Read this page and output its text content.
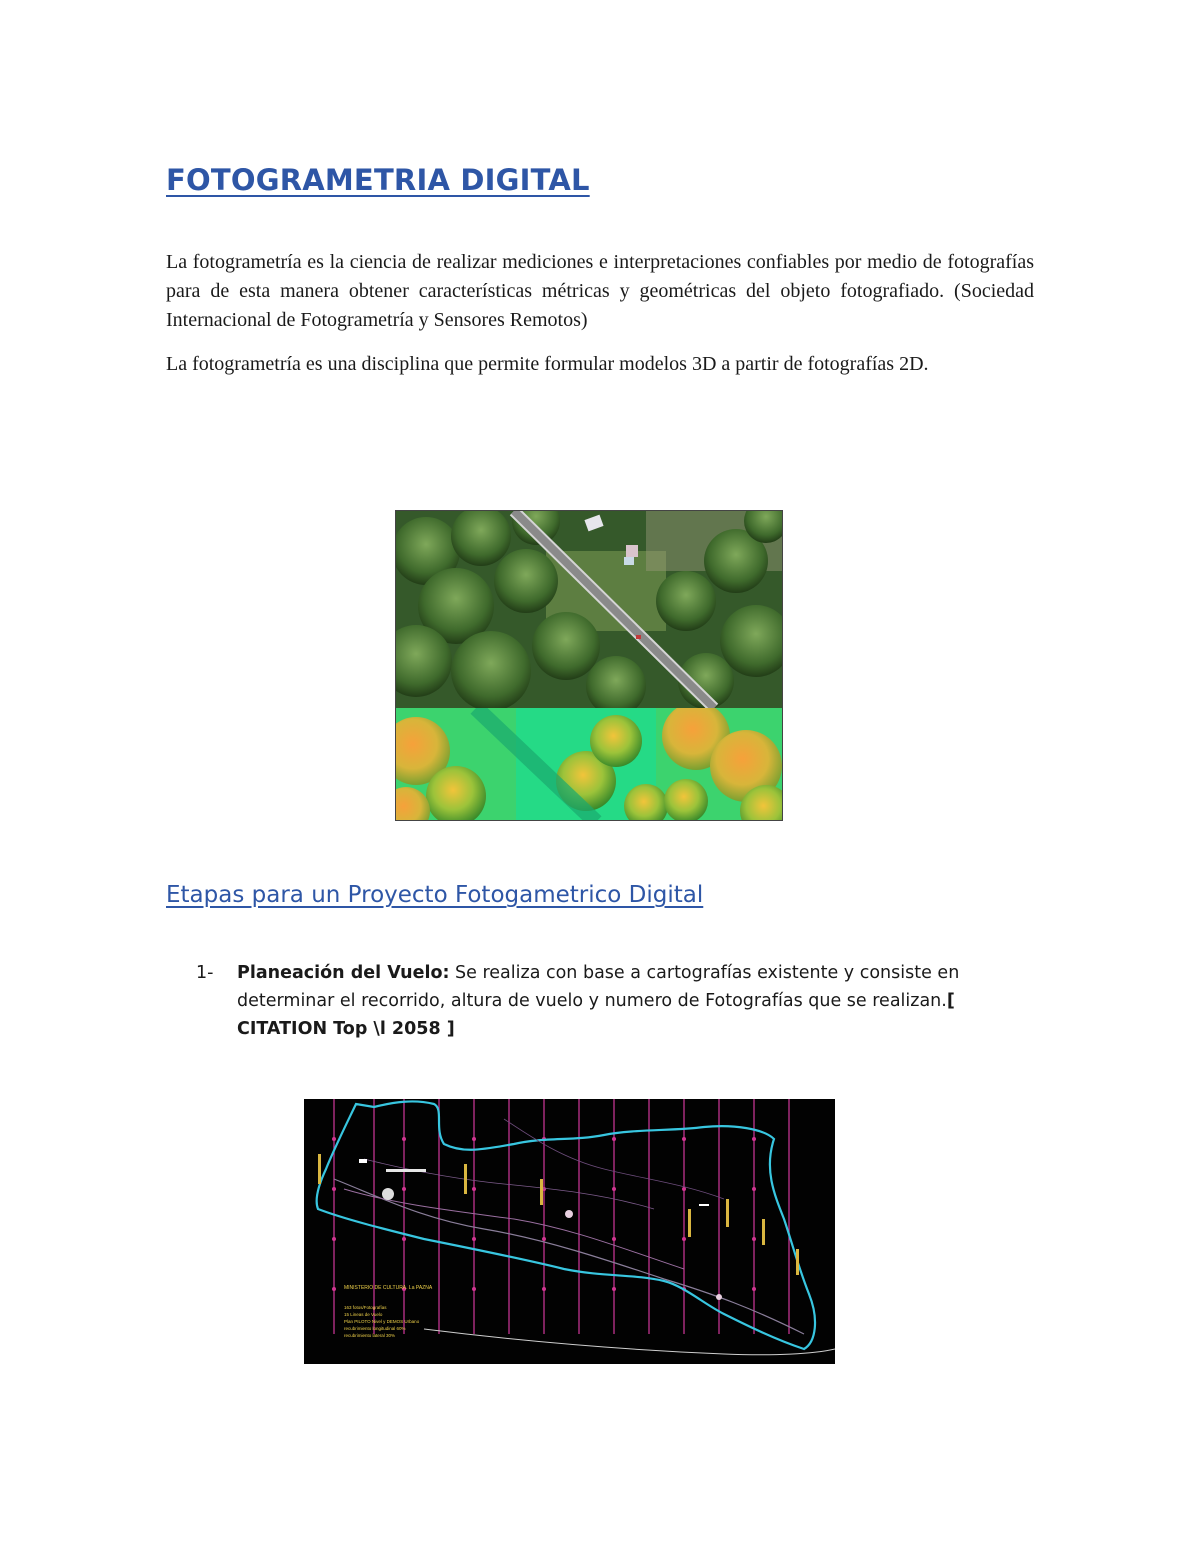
FOTOGRAMETRIA DIGITAL

La fotogrametría es la ciencia de realizar mediciones e interpretaciones confiables por medio de fotografías para de esta manera obtener características métricas y geométricas del objeto fotografiado. (Sociedad Internacional de Fotogrametría y Sensores Remotos)

La fotogrametría es una disciplina que permite formular modelos 3D a partir de fotografías 2D.

Etapas para un Proyecto Fotogametrico Digital
1- Planeación del Vuelo: Se realiza con base a cartografías existente y consiste en determinar el recorrido, altura de vuelo y numero de Fotografías que se realizan.[ CITATION Top \l 2058 ]
MINISTERIO DE CULTURA. La PAZNA
163 fotos/Fotografías
15 Lineas de Vuelo
Plan PILOTO Nivel y DEMOS Urbano
recubrimiento longitudinal 60%
recubrimiento lateral 30%
